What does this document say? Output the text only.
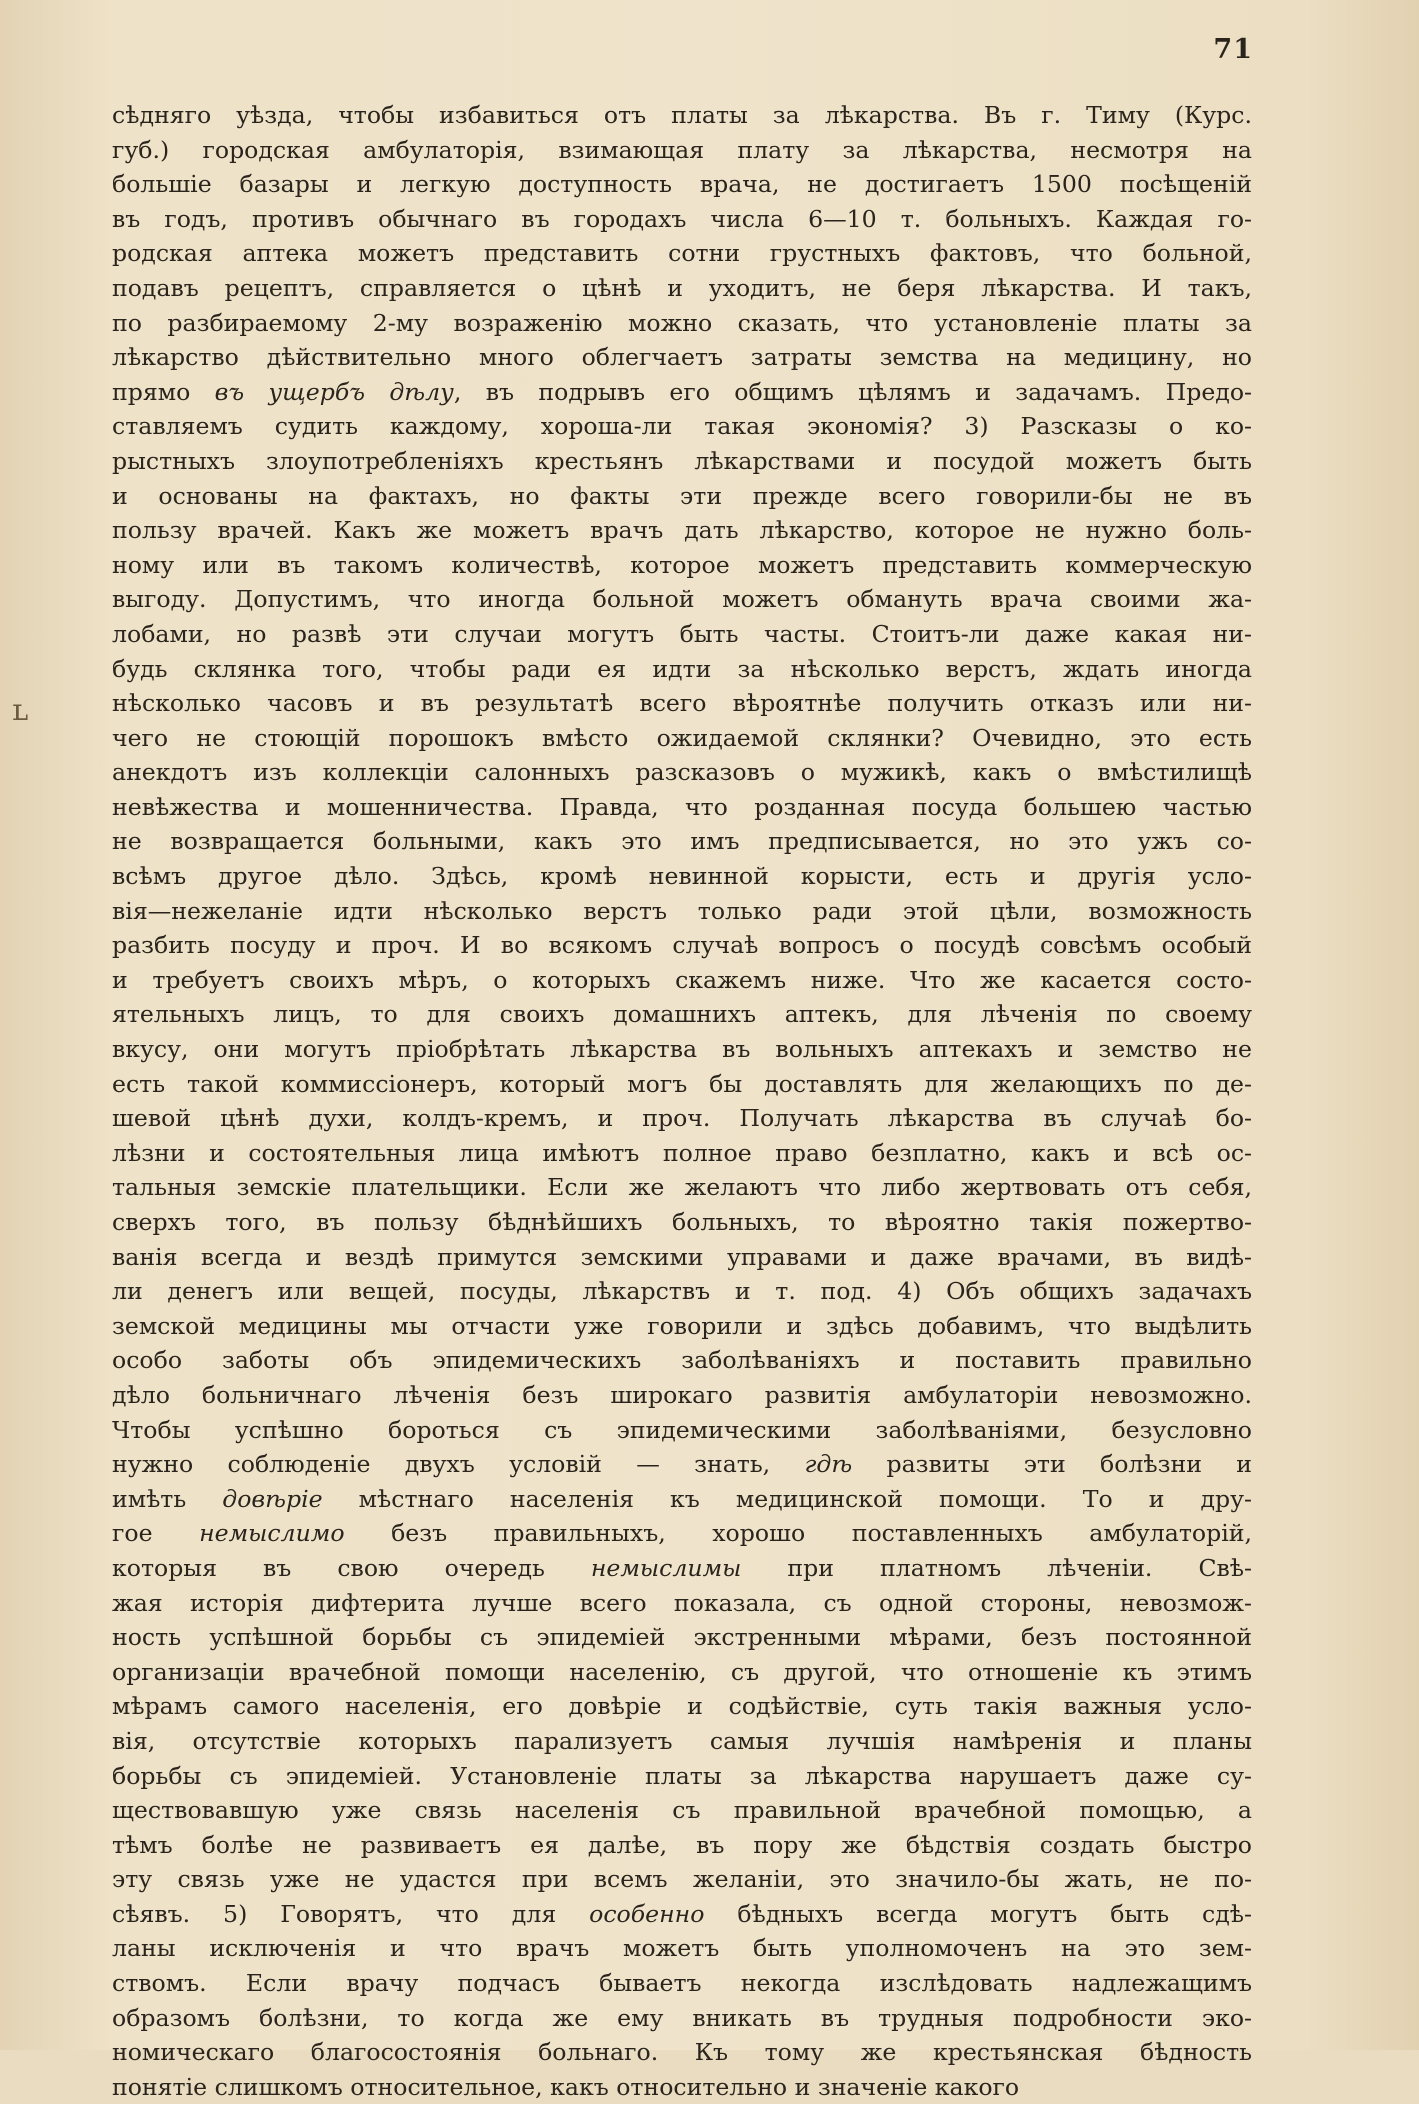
71
ʟ
сѣдняго уѣзда, чтобы избавиться отъ платы за лѣкарства. Въ г. Тиму (Курс.
губ.) городская амбулаторія, взимающая плату за лѣкарства, несмотря на
большіе базары и легкую доступность врача, не достигаетъ 1500 посѣщеній
въ годъ, противъ обычнаго въ городахъ числа 6—10 т. больныхъ. Каждая го-
родская аптека можетъ представить сотни грустныхъ фактовъ, что больной,
подавъ рецептъ, справляется о цѣнѣ и уходитъ, не беря лѣкарства. И такъ,
по разбираемому 2-му возраженію можно сказать, что установленіе платы за
лѣкарство дѣйствительно много облегчаетъ затраты земства на медицину, но
прямо въ ущербъ дѣлу, въ подрывъ его общимъ цѣлямъ и задачамъ. Предо-
ставляемъ судить каждому, хороша-ли такая экономія? 3) Разсказы о ко-
рыстныхъ злоупотребленіяхъ крестьянъ лѣкарствами и посудой можетъ быть
и основаны на фактахъ, но факты эти прежде всего говорили-бы не въ
пользу врачей. Какъ же можетъ врачъ дать лѣкарство, которое не нужно боль-
ному или въ такомъ количествѣ, которое можетъ представить коммерческую
выгоду. Допустимъ, что иногда больной можетъ обмануть врача своими жа-
лобами, но развѣ эти случаи могутъ быть часты. Стоитъ-ли даже какая ни-
будь склянка того, чтобы ради ея идти за нѣсколько верстъ, ждать иногда
нѣсколько часовъ и въ результатѣ всего вѣроятнѣе получить отказъ или ни-
чего не стоющій порошокъ вмѣсто ожидаемой склянки? Очевидно, это есть
анекдотъ изъ коллекціи салонныхъ разсказовъ о мужикѣ, какъ о вмѣстилищѣ
невѣжества и мошенничества. Правда, что розданная посуда большею частью
не возвращается больными, какъ это имъ предписывается, но это ужъ со-
всѣмъ другое дѣло. Здѣсь, кромѣ невинной корысти, есть и другія усло-
вія—нежеланіе идти нѣсколько верстъ только ради этой цѣли, возможность
разбить посуду и проч. И во всякомъ случаѣ вопросъ о посудѣ совсѣмъ особый
и требуетъ своихъ мѣръ, о которыхъ скажемъ ниже. Что же касается состо-
ятельныхъ лицъ, то для своихъ домашнихъ аптекъ, для лѣченія по своему
вкусу, они могутъ пріобрѣтать лѣкарства въ вольныхъ аптекахъ и земство не
есть такой коммиссіонеръ, который могъ бы доставлять для желающихъ по де-
шевой цѣнѣ духи, колдъ-кремъ, и проч. Получать лѣкарства въ случаѣ бо-
лѣзни и состоятельныя лица имѣютъ полное право безплатно, какъ и всѣ ос-
тальныя земскіе плательщики. Если же желаютъ что либо жертвовать отъ себя,
сверхъ того, въ пользу бѣднѣйшихъ больныхъ, то вѣроятно такія пожертво-
ванія всегда и вездѣ примутся земскими управами и даже врачами, въ видѣ-
ли денегъ или вещей, посуды, лѣкарствъ и т. под. 4) Объ общихъ задачахъ
земской медицины мы отчасти уже говорили и здѣсь добавимъ, что выдѣлить
особо заботы объ эпидемическихъ заболѣваніяхъ и поставить правильно
дѣло больничнаго лѣченія безъ широкаго развитія амбулаторіи невозможно.
Чтобы успѣшно бороться съ эпидемическими заболѣваніями, безусловно
нужно соблюденіе двухъ условій — знать, гдѣ развиты эти болѣзни и
имѣть довѣріе мѣстнаго населенія къ медицинской помощи. То и дру-
гое немыслимо безъ правильныхъ, хорошо поставленныхъ амбулаторій,
которыя въ свою очередь немыслимы при платномъ лѣченіи. Свѣ-
жая исторія дифтерита лучше всего показала, съ одной стороны, невозмож-
ность успѣшной борьбы съ эпидеміей экстренными мѣрами, безъ постоянной
организаціи врачебной помощи населенію, съ другой, что отношеніе къ этимъ
мѣрамъ самого населенія, его довѣріе и содѣйствіе, суть такія важныя усло-
вія, отсутствіе которыхъ парализуетъ самыя лучшія намѣренія и планы
борьбы съ эпидеміей. Установленіе платы за лѣкарства нарушаетъ даже су-
ществовавшую уже связь населенія съ правильной врачебной помощью, а
тѣмъ болѣе не развиваетъ ея далѣе, въ пору же бѣдствія создать быстро
эту связь уже не удастся при всемъ желаніи, это значило-бы жать, не по-
сѣявъ. 5) Говорятъ, что для особенно бѣдныхъ всегда могутъ быть сдѣ-
ланы исключенія и что врачъ можетъ быть уполномоченъ на это зем-
ствомъ. Если врачу подчасъ бываетъ некогда изслѣдовать надлежащимъ
образомъ болѣзни, то когда же ему вникать въ трудныя подробности эко-
номическаго благосостоянія больнаго. Къ тому же крестьянская бѣдность
понятіе слишкомъ относительное, какъ относительно и значеніе какого
